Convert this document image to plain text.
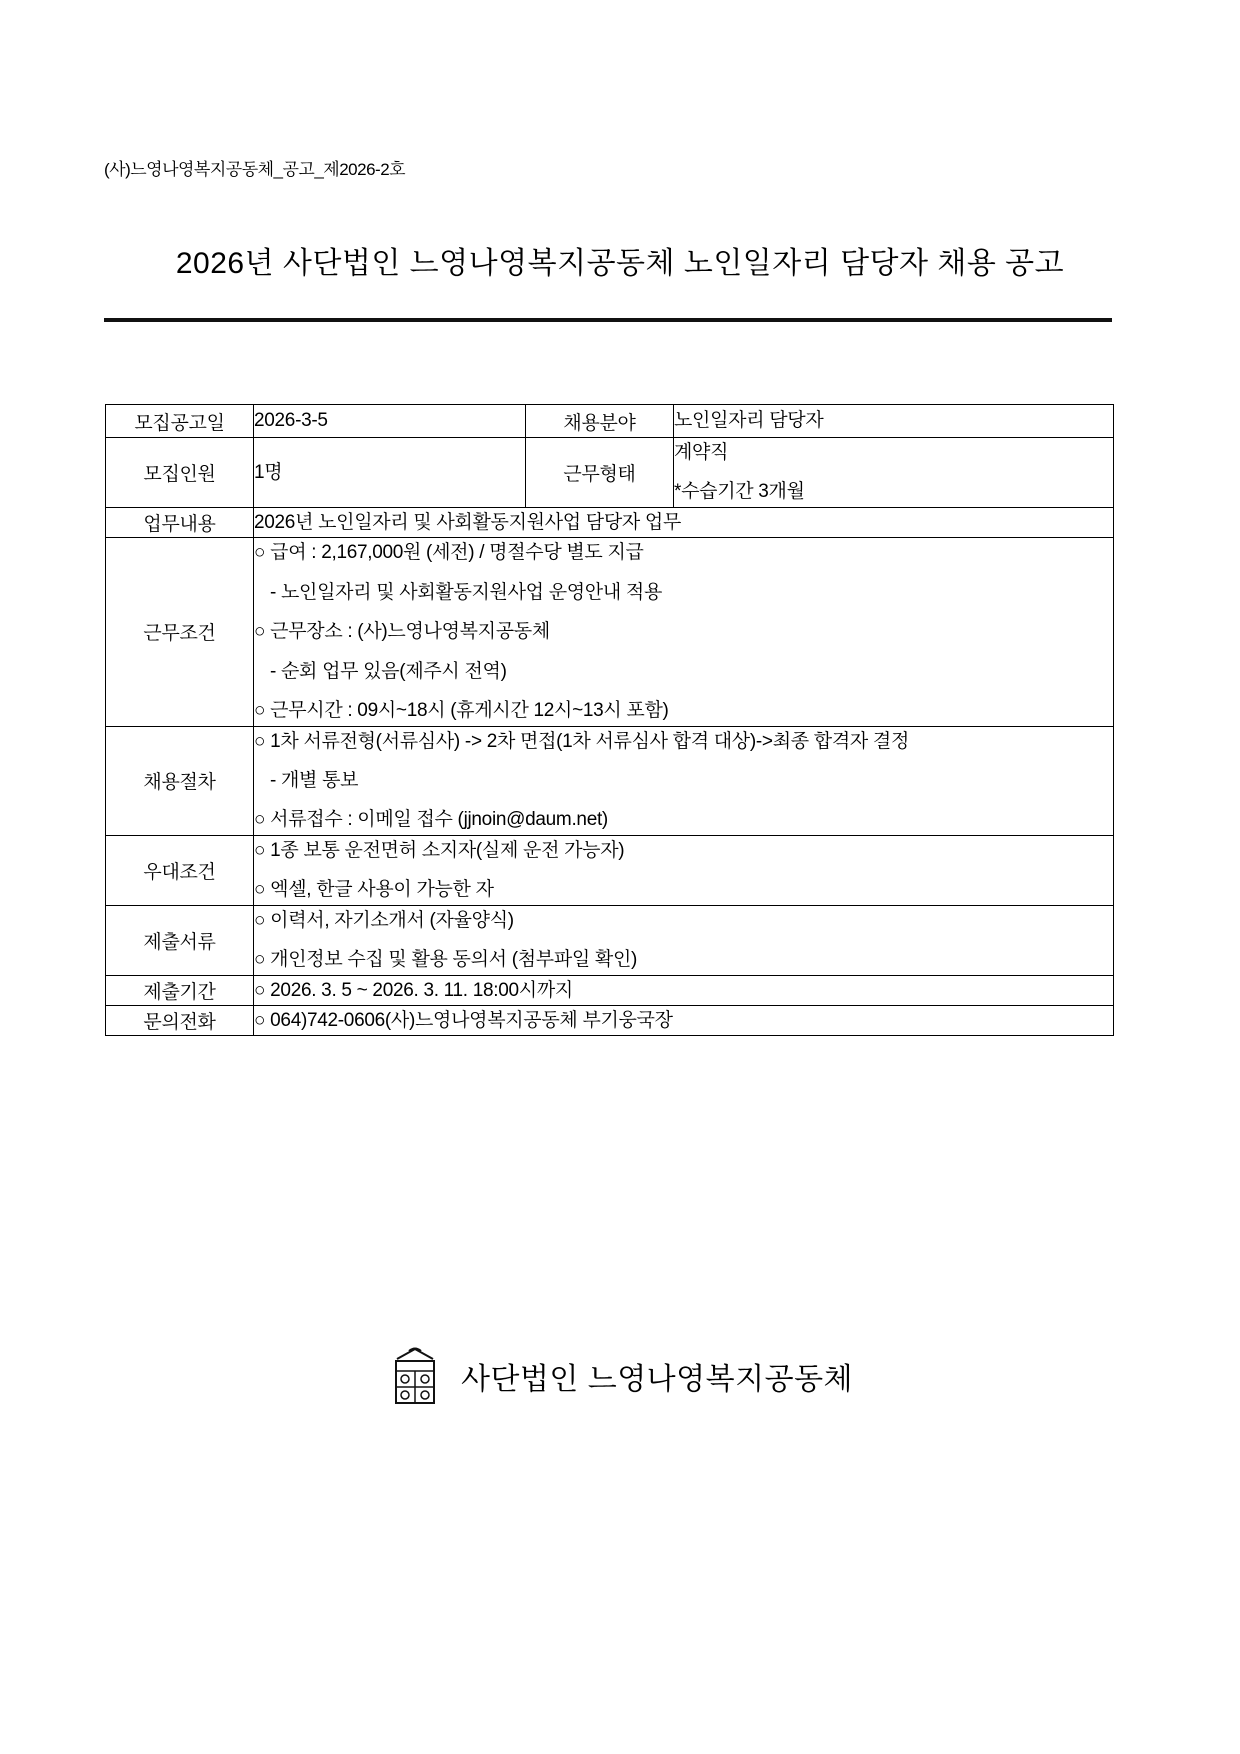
(사)느영나영복지공동체_공고_제2026-2호
2026년 사단법인 느영나영복지공동체 노인일자리 담당자 채용 공고
모집공고일	2026-3-5	채용분야	노인일자리 담당자
모집인원	1명	근무형태	계약직

*수습기간 3개월

업무내용	2026년 노인일자리 및 사회활동지원사업 담당자 업무		

근무조건	○ 급여 : 2,167,000원 (세전) / 명절수당 별도 지급

- 노인일자리 및 사회활동지원사업 운영안내 적용

○ 근무장소 : (사)느영나영복지공동체

- 순회 업무 있음(제주시 전역)

○ 근무시간 : 09시~18시 (휴게시간 12시~13시 포함)		

채용절차	○ 1차 서류전형(서류심사) -> 2차 면접(1차 서류심사 합격 대상)->최종 합격자 결정

- 개별 통보

○ 서류접수 : 이메일 접수 (jjnoin@daum.net)		

우대조건	○ 1종 보통 운전면허 소지자(실제 운전 가능자)

○ 엑셀, 한글 사용이 가능한 자		

제출서류	○ 이력서, 자기소개서 (자율양식)

○ 개인정보 수집 및 활용 동의서 (첨부파일 확인)		

제출기간	○ 2026. 3. 5 ~ 2026. 3. 11. 18:00시까지		

문의전화	○ 064)742-0606(사)느영나영복지공동체 부기웅국장		

사단법인 느영나영복지공동체
